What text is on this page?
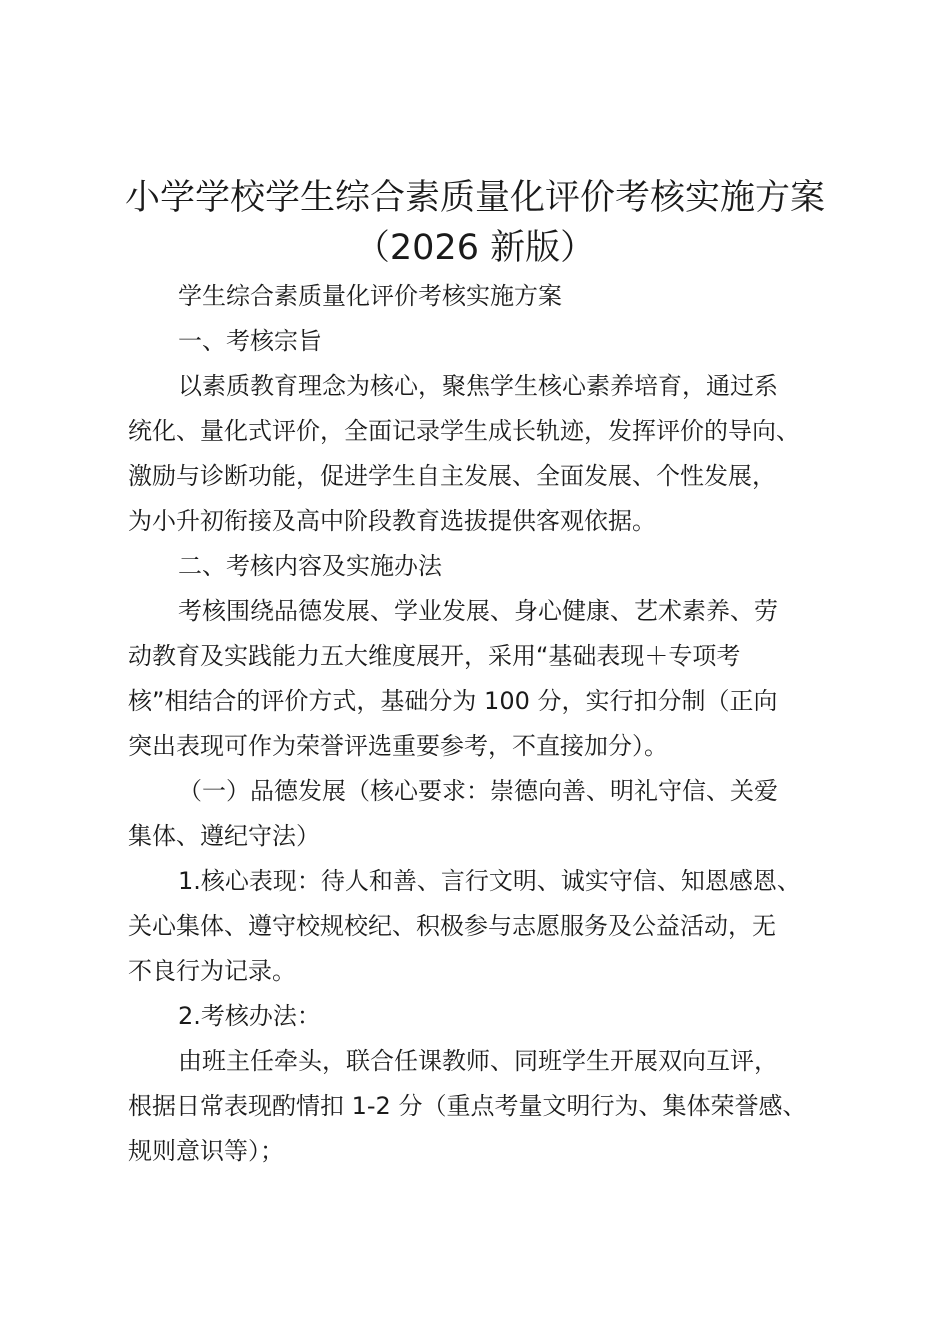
小学学校学生综合素质量化评价考核实施方案
（2026 新版）
学生综合素质量化评价考核实施方案
一、考核宗旨
以素质教育理念为核心，聚焦学生核心素养培育，通过系
统化、量化式评价，全面记录学生成长轨迹，发挥评价的导向、
激励与诊断功能，促进学生自主发展、全面发展、个性发展，
为小升初衔接及高中阶段教育选拔提供客观依据。
二、考核内容及实施办法
考核围绕品德发展、学业发展、身心健康、艺术素养、劳
动教育及实践能力五大维度展开，采用“基础表现＋专项考
核”相结合的评价方式，基础分为 100 分，实行扣分制（正向
突出表现可作为荣誉评选重要参考，不直接加分）。
（一）品德发展（核心要求：崇德向善、明礼守信、关爱
集体、遵纪守法）
1.核心表现：待人和善、言行文明、诚实守信、知恩感恩、
关心集体、遵守校规校纪、积极参与志愿服务及公益活动，无
不良行为记录。
2.考核办法：
由班主任牵头，联合任课教师、同班学生开展双向互评，
根据日常表现酌情扣 1-2 分（重点考量文明行为、集体荣誉感、
规则意识等）；
